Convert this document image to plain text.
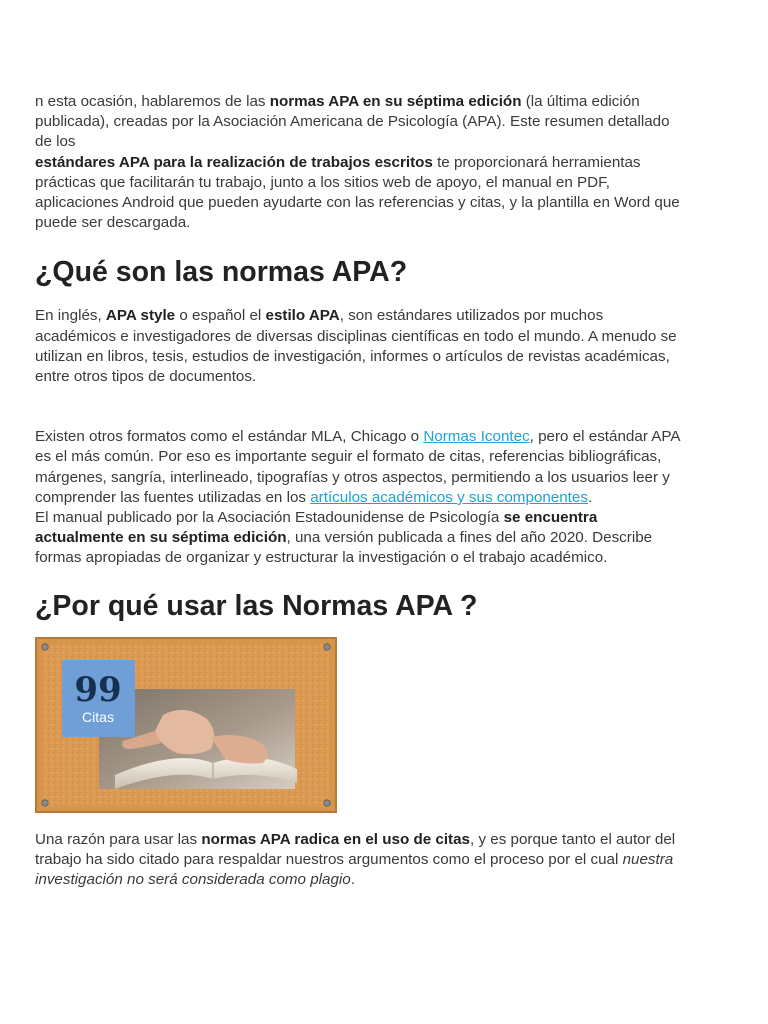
n esta ocasión, hablaremos de las normas APA en su séptima edición (la última edición publicada), creadas por la Asociación Americana de Psicología (APA). Este resumen detallado de los
estándares APA para la realización de trabajos escritos te proporcionará herramientas prácticas que facilitarán tu trabajo, junto a los sitios web de apoyo, el manual en PDF, aplicaciones Android que pueden ayudarte con las referencias y citas, y la plantilla en Word que puede ser descargada.

¿Qué son las normas APA?

En inglés, APA style o español el estilo APA, son estándares utilizados por muchos académicos e investigadores de diversas disciplinas científicas en todo el mundo. A menudo se utilizan en libros, tesis, estudios de investigación, informes o artículos de revistas académicas, entre otros tipos de documentos.

Existen otros formatos como el estándar MLA, Chicago o Normas Icontec, pero el estándar APA es el más común. Por eso es importante seguir el formato de citas, referencias bibliográficas, márgenes, sangría, interlineado, tipografías y otros aspectos, permitiendo a los usuarios leer y comprender las fuentes utilizadas en los artículos académicos y sus componentes.
El manual publicado por la Asociación Estadounidense de Psicología se encuentra actualmente en su séptima edición, una versión publicada a fines del año 2020. Describe formas apropiadas de organizar y estructurar la investigación o el trabajo académico.

¿Por qué usar las Normas APA ?
99
Citas

Una razón para usar las normas APA radica en el uso de citas, y es porque tanto el autor del trabajo ha sido citado para respaldar nuestros argumentos como el proceso por el cual nuestra investigación no será considerada como plagio.
